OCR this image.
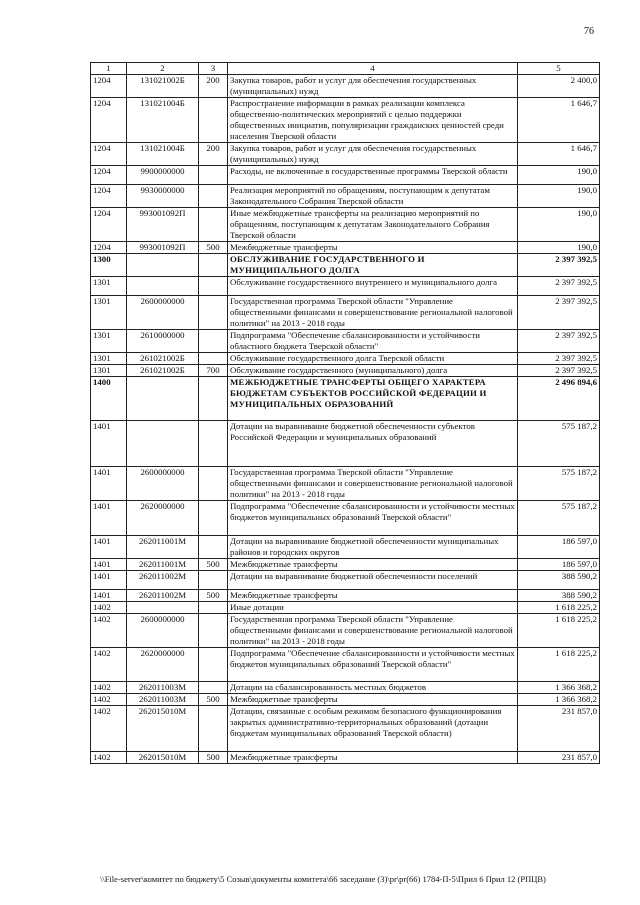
76
1	2	3	4	5
1204	131021002Б	200	Закупка товаров, работ и услуг для обеспечения государственных (муниципальных) нужд	2 400,0
1204	131021004Б		Распространение информации в рамках реализации комплекса общественно-политических мероприятий с целью поддержки общественных инициатив, популяризации гражданских ценностей среди населения Тверской области	1 646,7
1204	131021004Б	200	Закупка товаров, работ и услуг для обеспечения государственных (муниципальных) нужд	1 646,7
1204	9900000000		Расходы, не включенные в государственные программы Тверской области	190,0
1204	9930000000		Реализация мероприятий по обращениям, поступающим к депутатам Законодательного Собрания Тверской области	190,0
1204	993001092П		Иные межбюджетные трансферты на реализацию мероприятий по обращениям, поступающим к депутатам Законодательного Собрания Тверской области	190,0
1204	993001092П	500	Межбюджетные трансферты	190,0
1300			ОБСЛУЖИВАНИЕ ГОСУДАРСТВЕННОГО И МУНИЦИПАЛЬНОГО ДОЛГА	2 397 392,5
1301			Обслуживание государственного внутреннего и муниципального долга	2 397 392,5
1301	2600000000		Государственная программа Тверской области "Управление общественными финансами и совершенствование региональной налоговой политики" на 2013 - 2018 годы	2 397 392,5
1301	2610000000		Подпрограмма "Обеспечение сбалансированности и устойчивости областного бюджета Тверской области"	2 397 392,5
1301	261021002Б		Обслуживание государственного долга Тверской области	2 397 392,5
1301	261021002Б	700	Обслуживание государственного (муниципального) долга	2 397 392,5
1400			МЕЖБЮДЖЕТНЫЕ ТРАНСФЕРТЫ ОБЩЕГО ХАРАКТЕРА БЮДЖЕТАМ СУБЪЕКТОВ РОССИЙСКОЙ ФЕДЕРАЦИИ И МУНИЦИПАЛЬНЫХ ОБРАЗОВАНИЙ	2 496 894,6
1401			Дотации на выравнивание бюджетной обеспеченности субъектов Российской Федерации и муниципальных образований	575 187,2
1401	2600000000		Государственная программа Тверской области "Управление общественными финансами и совершенствование региональной налоговой политики" на 2013 - 2018 годы	575 187,2
1401	2620000000		Подпрограмма "Обеспечение сбалансированности и устойчивости местных бюджетов муниципальных образований Тверской области"	575 187,2
1401	262011001М		Дотации на выравнивание бюджетной обеспеченности муниципальных районов и городских округов	186 597,0
1401	262011001М	500	Межбюджетные трансферты	186 597,0
1401	262011002М		Дотации на выравнивание бюджетной обеспеченности поселений	388 590,2
1401	262011002М	500	Межбюджетные трансферты	388 590,2
1402			Иные дотации	1 618 225,2
1402	2600000000		Государственная программа Тверской области "Управление общественными финансами и совершенствование региональной налоговой политики" на 2013 - 2018 годы	1 618 225,2
1402	2620000000		Подпрограмма "Обеспечение сбалансированности и устойчивости местных бюджетов муниципальных образований Тверской области"	1 618 225,2
1402	262011003М		Дотации на сбалансированность местных бюджетов	1 366 368,2
1402	262011003М	500	Межбюджетные трансферты	1 366 368,2
1402	262015010М		Дотации, связанные с особым режимом безопасного функционирования закрытых административно-территориальных образований (дотации бюджетам муниципальных образований Тверской области)	231 857,0
1402	262015010М	500	Межбюджетные трансферты	231 857,0
\\File-server\комитет по бюджету\5 Созыв\документы комитета\66 заседание (3)\pr\pr(66) 1784-П-5\Прил 6 Прил 12 (РПЦВ)
